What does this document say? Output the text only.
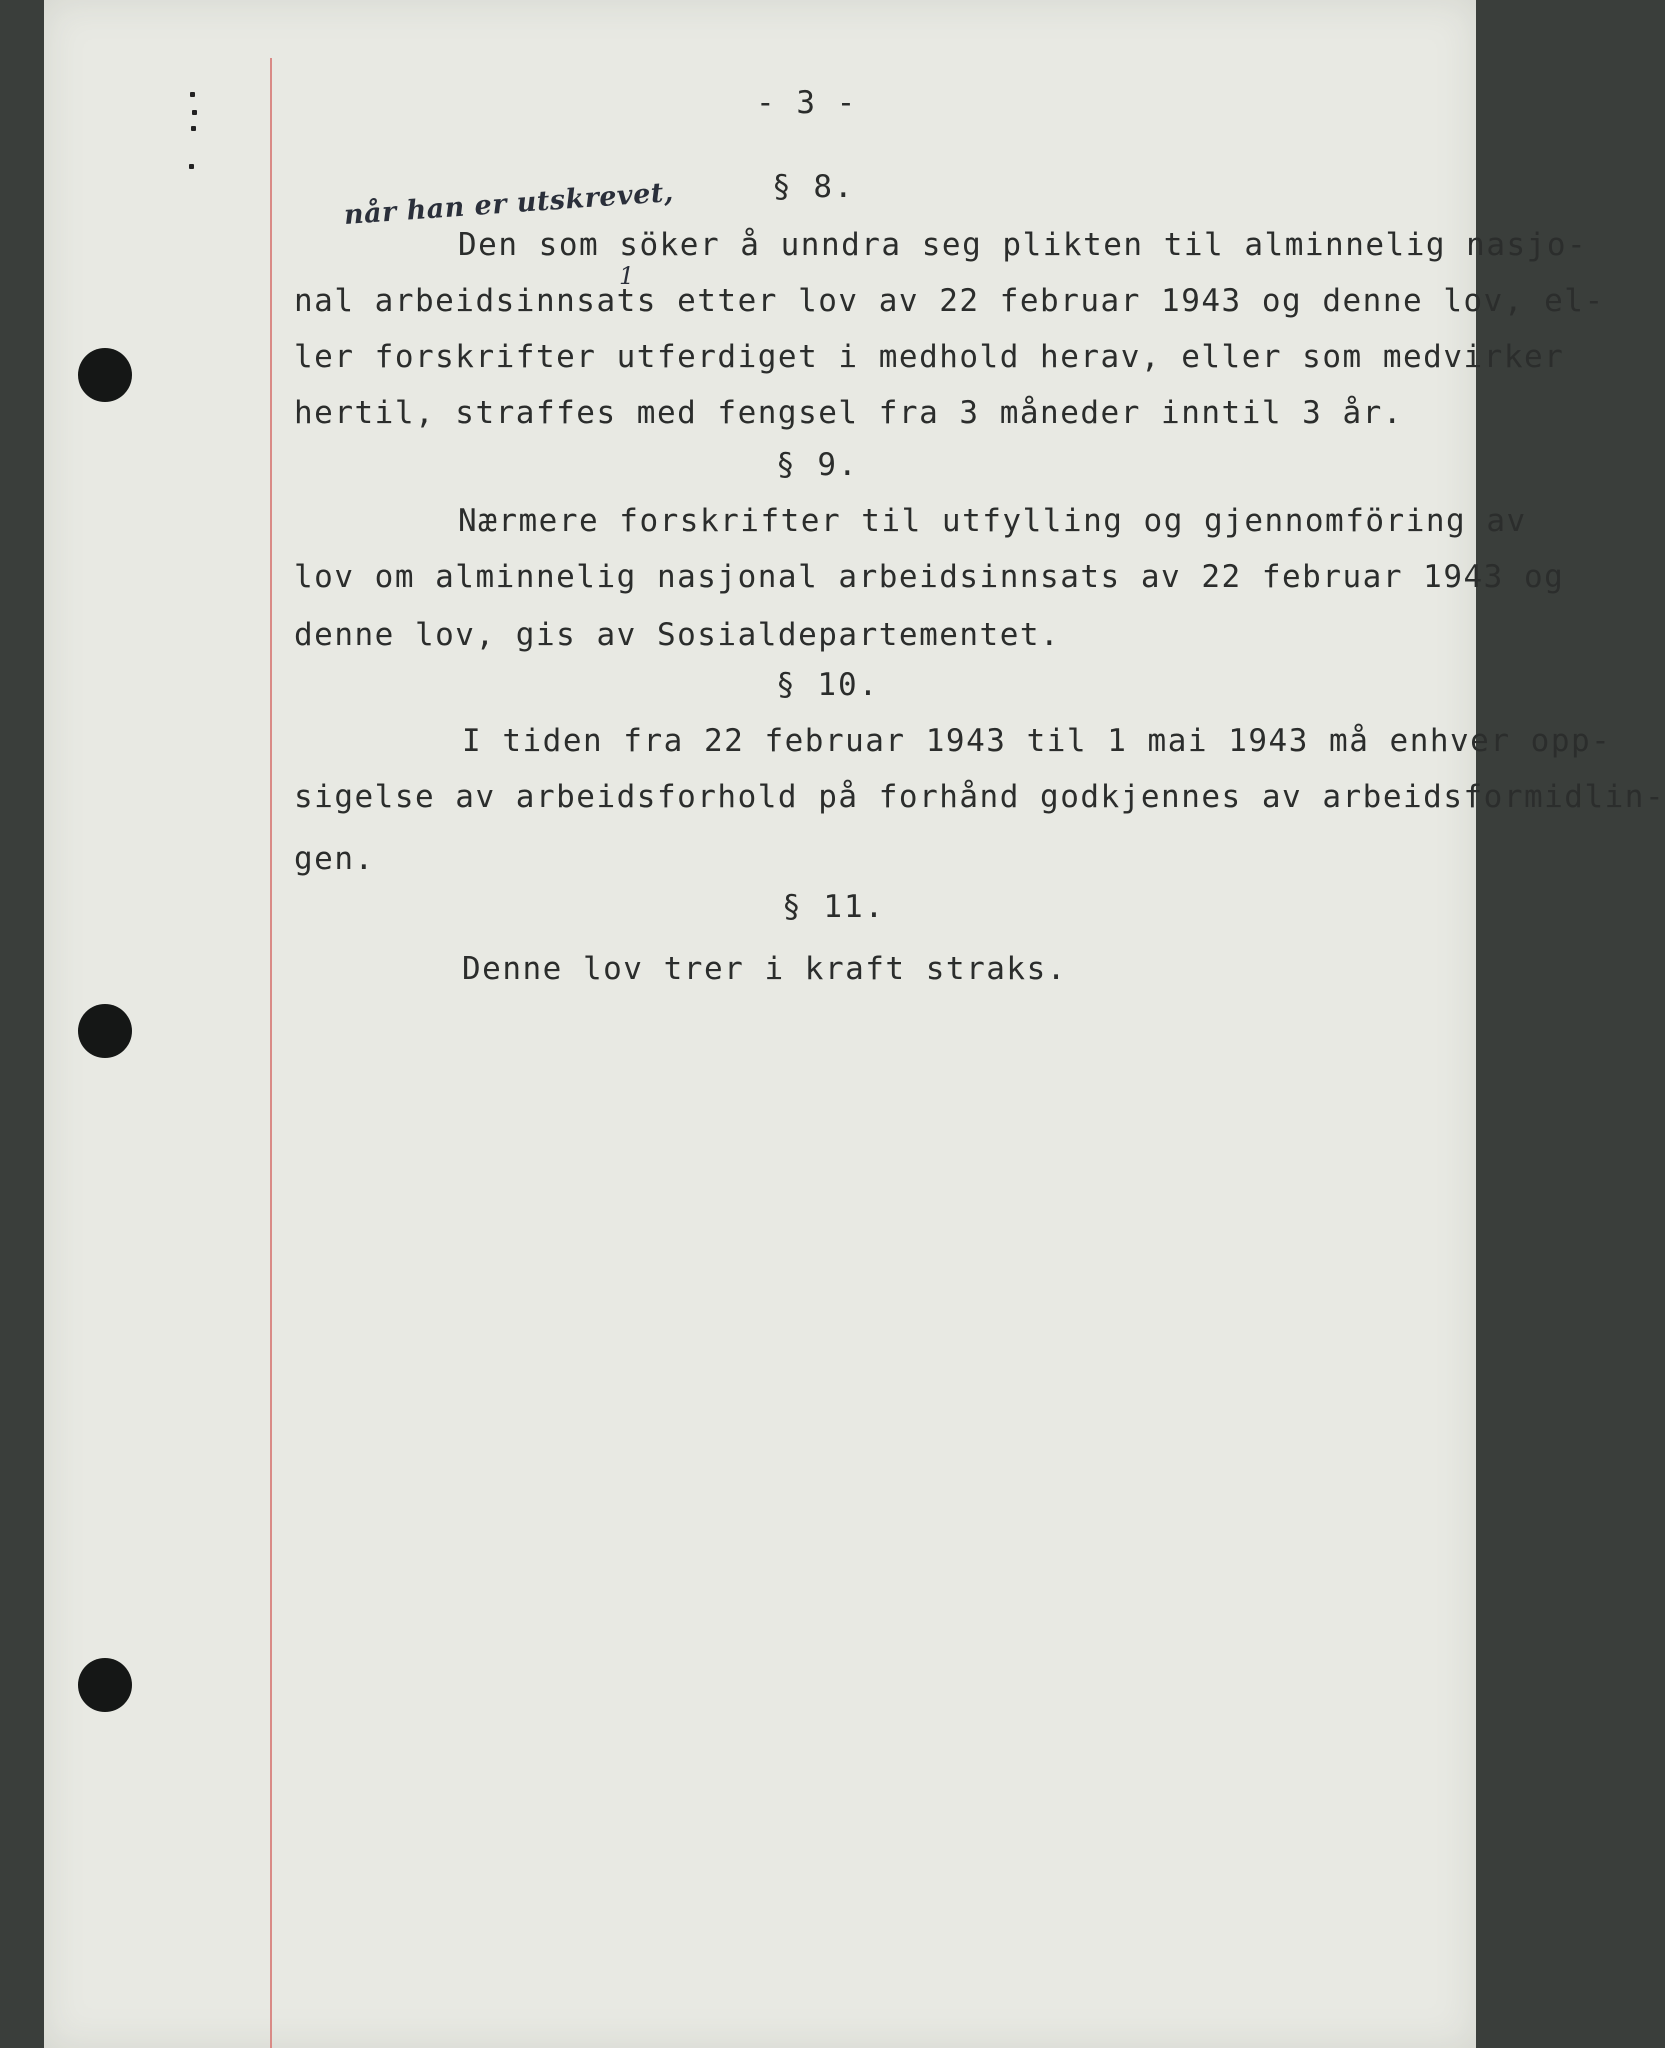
- 3 -
når han er utskrevet,
1
§ 8.
Den som söker å unndra seg plikten til alminnelig nasjo-
nal arbeidsinnsats etter lov av 22 februar 1943 og denne lov, el-
ler forskrifter utferdiget i medhold herav, eller som medvirker
hertil, straffes med fengsel fra 3 måneder inntil 3 år.
§ 9.
Nærmere forskrifter til utfylling og gjennomföring av
lov om alminnelig nasjonal arbeidsinnsats av 22 februar 1943 og
denne lov, gis av Sosialdepartementet.
§ 10.
I tiden fra 22 februar 1943 til 1 mai 1943 må enhver opp-
sigelse av arbeidsforhold på forhånd godkjennes av arbeidsformidlin-
gen.
§ 11.
Denne lov trer i kraft straks.
